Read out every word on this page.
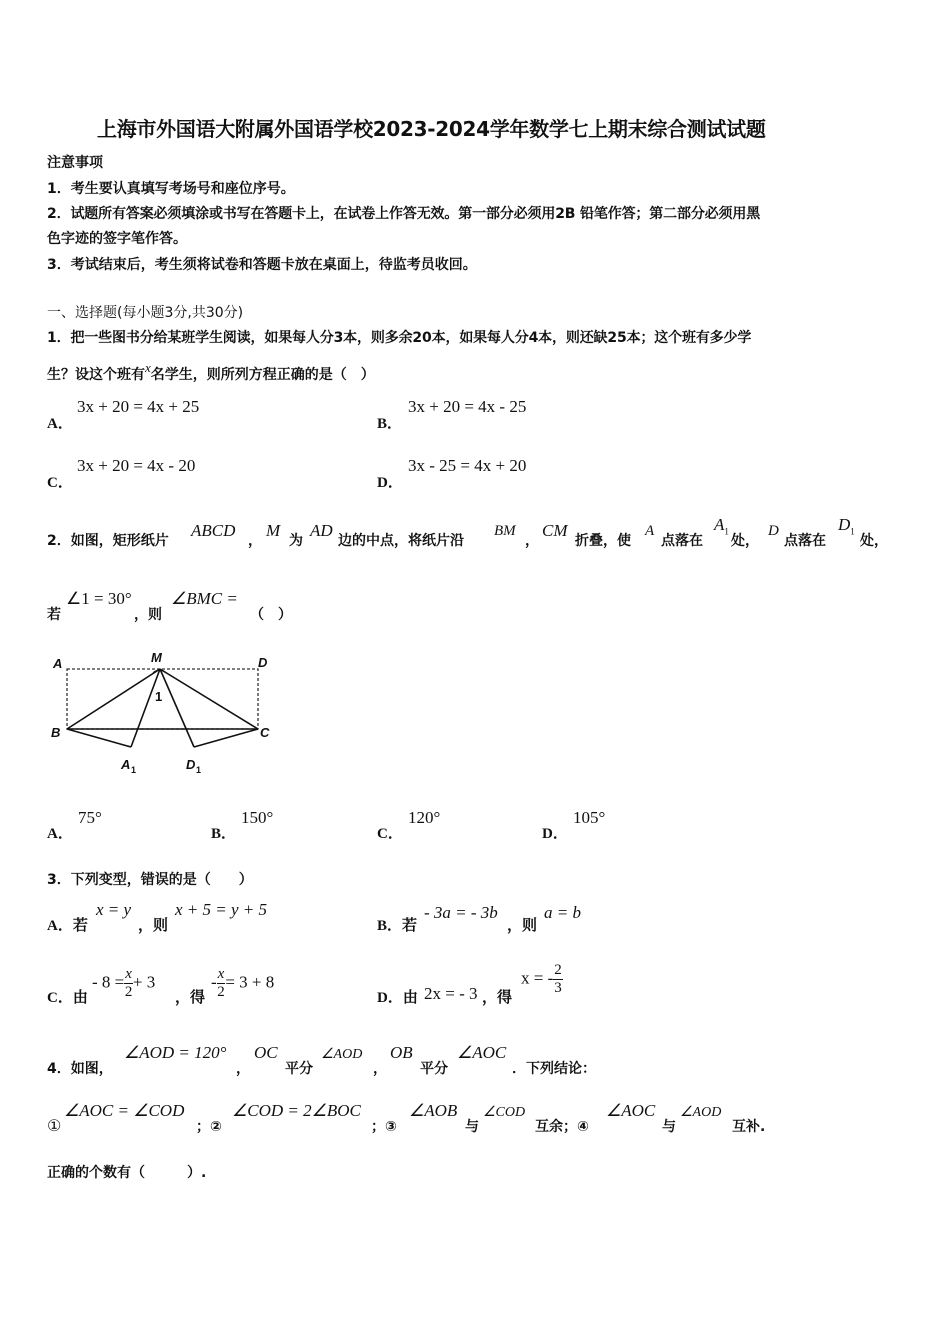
上海市外国语大附属外国语学校2023-2024学年数学七上期末综合测试试题
注意事项
1．考生要认真填写考场号和座位序号。
2．试题所有答案必须填涂或书写在答题卡上，在试卷上作答无效。第一部分必须用2B 铅笔作答；第二部分必须用黑
色字迹的签字笔作答。
3．考试结束后，考生须将试卷和答题卡放在桌面上，待监考员收回。
一、选择题(每小题3分,共30分)
1．把一些图书分给某班学生阅读，如果每人分3本，则多余20本，如果每人分4本，则还缺25本；这个班有多少学
生？设这个班有x名学生，则所列方程正确的是（　）
A．
3x + 20 = 4x + 25
B．
3x + 20 = 4x - 25
C．
3x + 20 = 4x - 20
D．
3x - 25 = 4x + 20
2．如图，矩形纸片
ABCD
，
M
为
AD
边的中点，将纸片沿
BM
，
CM
折叠，使
A
点落在
$A_1$
处，
D
点落在
$D_1$
处，
若
∠1 = 30°
，则
∠BMC =
（　）
A	M	D
B	C
1
A 1	D 1
A．
75°
B．
150°
C．
120°
D．
105°
3．下列变型，错误的是（　　）
A．若
x = y
，则
x + 5 = y + 5
B．若
- 3a = - 3b
，则
a = b
C．由
- $8 = \frac{x}{2} + 3$
，得
- $\frac{x}{2} = 3 + 8$
D．由 2x = - 3 ，得
x = - $\frac{2}{3}$
4．如图，
∠AOD = 120°
，
OC
平分
∠AOD
，
OB
平分
∠AOC
．下列结论：
①
∠AOC = ∠COD
；②
∠COD = 2∠BOC
；③
∠AOB
与
∠COD
互余；④
∠AOC
与
∠AOD
互补.
正确的个数有（　　　）.
